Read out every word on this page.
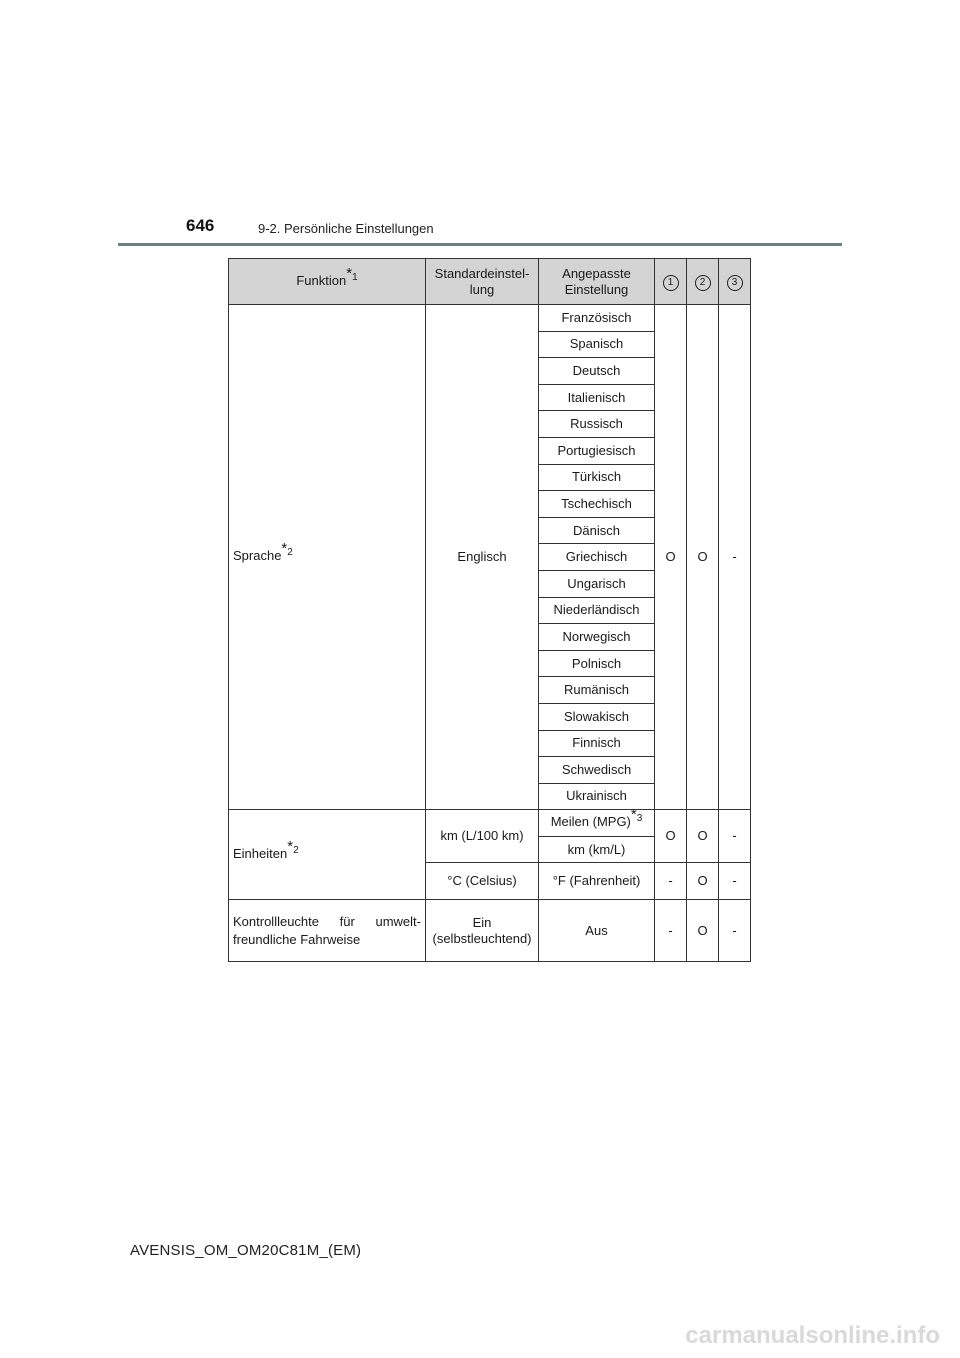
646	9-2. Persönliche Einstellungen
Funktion*$^1$	Standardeinstel-lung	Angepasste Einstellung	1	2	3
Sprache*$^2$	Englisch	Französisch	O	O	-
		Spanisch			
		Deutsch			
		Italienisch			
		Russisch			
		Portugiesisch			
		Türkisch			
		Tschechisch			
		Dänisch			
		Griechisch			
		Ungarisch			
		Niederländisch			
		Norwegisch			
		Polnisch			
		Rumänisch			
		Slowakisch			
		Finnisch			
		Schwedisch			
		Ukrainisch			
Einheiten*$^2$	km (L/100 km)	Meilen (MPG)*$^3$	O	O	-
		km (km/L)			
	°C (Celsius)	°F (Fahrenheit)	-	O	-
Kontrollleuchte für umwelt- freundliche Fahrweise	Ein (selbstleuchtend)	Aus	-	O	-
AVENSIS_OM_OM20C81M_(EM)
carmanualsonline.info
